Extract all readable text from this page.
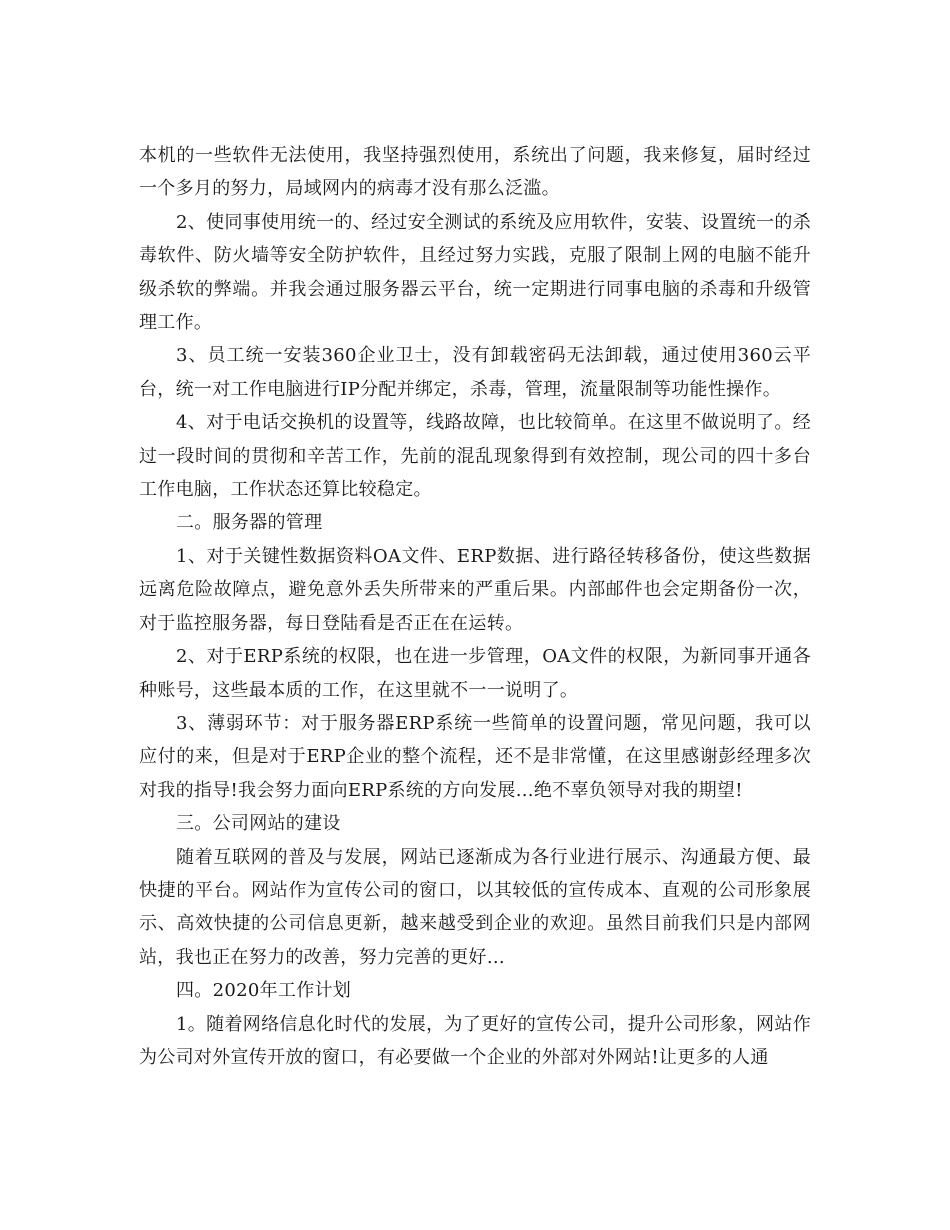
本机的一些软件无法使用，我坚持强烈使用，系统出了问题，我来修复，届时经过一个多月的努力，局域网内的病毒才没有那么泛滥。

2、使同事使用统一的、经过安全测试的系统及应用软件，安装、设置统一的杀毒软件、防火墙等安全防护软件，且经过努力实践，克服了限制上网的电脑不能升级杀软的弊端。并我会通过服务器云平台，统一定期进行同事电脑的杀毒和升级管理工作。

3、员工统一安装360企业卫士，没有卸载密码无法卸载，通过使用360云平台，统一对工作电脑进行IP分配并绑定，杀毒，管理，流量限制等功能性操作。

4、对于电话交换机的设置等，线路故障，也比较简单。在这里不做说明了。经过一段时间的贯彻和辛苦工作，先前的混乱现象得到有效控制，现公司的四十多台工作电脑，工作状态还算比较稳定。

二。服务器的管理

1、对于关键性数据资料OA文件、ERP数据、进行路径转移备份，使这些数据远离危险故障点，避免意外丢失所带来的严重后果。内部邮件也会定期备份一次，对于监控服务器，每日登陆看是否正在在运转。

2、对于ERP系统的权限，也在进一步管理，OA文件的权限，为新同事开通各种账号，这些最本质的工作，在这里就不一一说明了。

3、薄弱环节：对于服务器ERP系统一些简单的设置问题，常见问题，我可以应付的来，但是对于ERP企业的整个流程，还不是非常懂，在这里感谢彭经理多次对我的指导!我会努力面向ERP系统的方向发展…绝不辜负领导对我的期望!

三。公司网站的建设

随着互联网的普及与发展，网站已逐渐成为各行业进行展示、沟通最方便、最快捷的平台。网站作为宣传公司的窗口，以其较低的宣传成本、直观的公司形象展示、高效快捷的公司信息更新，越来越受到企业的欢迎。虽然目前我们只是内部网站，我也正在努力的改善，努力完善的更好…

四。2020年工作计划

1。随着网络信息化时代的发展，为了更好的宣传公司，提升公司形象，网站作为公司对外宣传开放的窗口，有必要做一个企业的外部对外网站!让更多的人通
